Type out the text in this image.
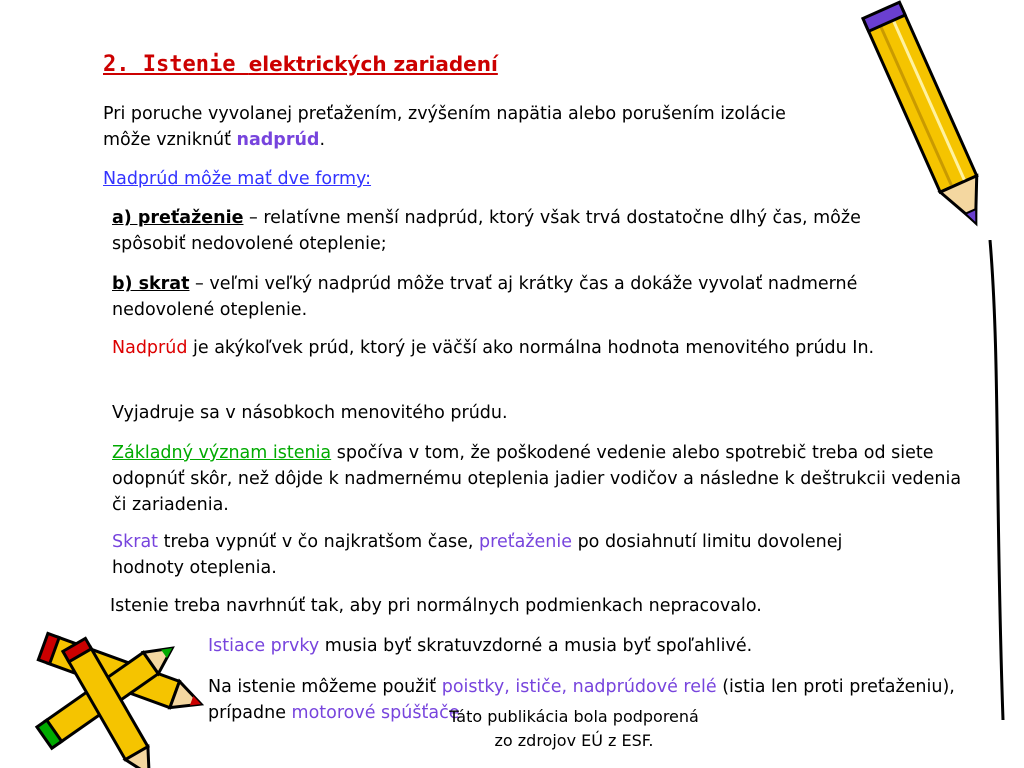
2. Istenie elektrických zariadení
Pri poruche vyvolanej preťažením, zvýšením napätia alebo porušením izolácie môže vzniknúť nadprúd.
Nadprúd môže mať dve formy:
a) preťaženie – relatívne menší nadprúd, ktorý však trvá dostatočne dlhý čas, môže spôsobiť nedovolené oteplenie;
b) skrat – veľmi veľký nadprúd môže trvať aj krátky čas a dokáže vyvolať nadmerné nedovolené oteplenie.
Nadprúd je akýkoľvek prúd, ktorý je väčší ako normálna hodnota menovitého prúdu In.
Vyjadruje sa v násobkoch menovitého prúdu.
Základný význam istenia spočíva v tom, že poškodené vedenie alebo spotrebič treba od siete odopnúť skôr, než dôjde k nadmernému oteplenia jadier vodičov a následne k deštrukcii vedenia či zariadenia.
Skrat treba vypnúť v čo najkratšom čase, preťaženie po dosiahnutí limitu dovolenej hodnoty oteplenia.
Istenie treba navrhnúť tak, aby pri normálnych podmienkach nepracovalo.
Istiace prvky musia byť skratuvzdorné a musia byť spoľahlivé.
Na istenie môžeme použiť poistky, ističe, nadprúdové relé (istia len proti preťaženiu), prípadne motorové spúšťače
Táto publikácia bola podporená
zo zdrojov EÚ z ESF.
